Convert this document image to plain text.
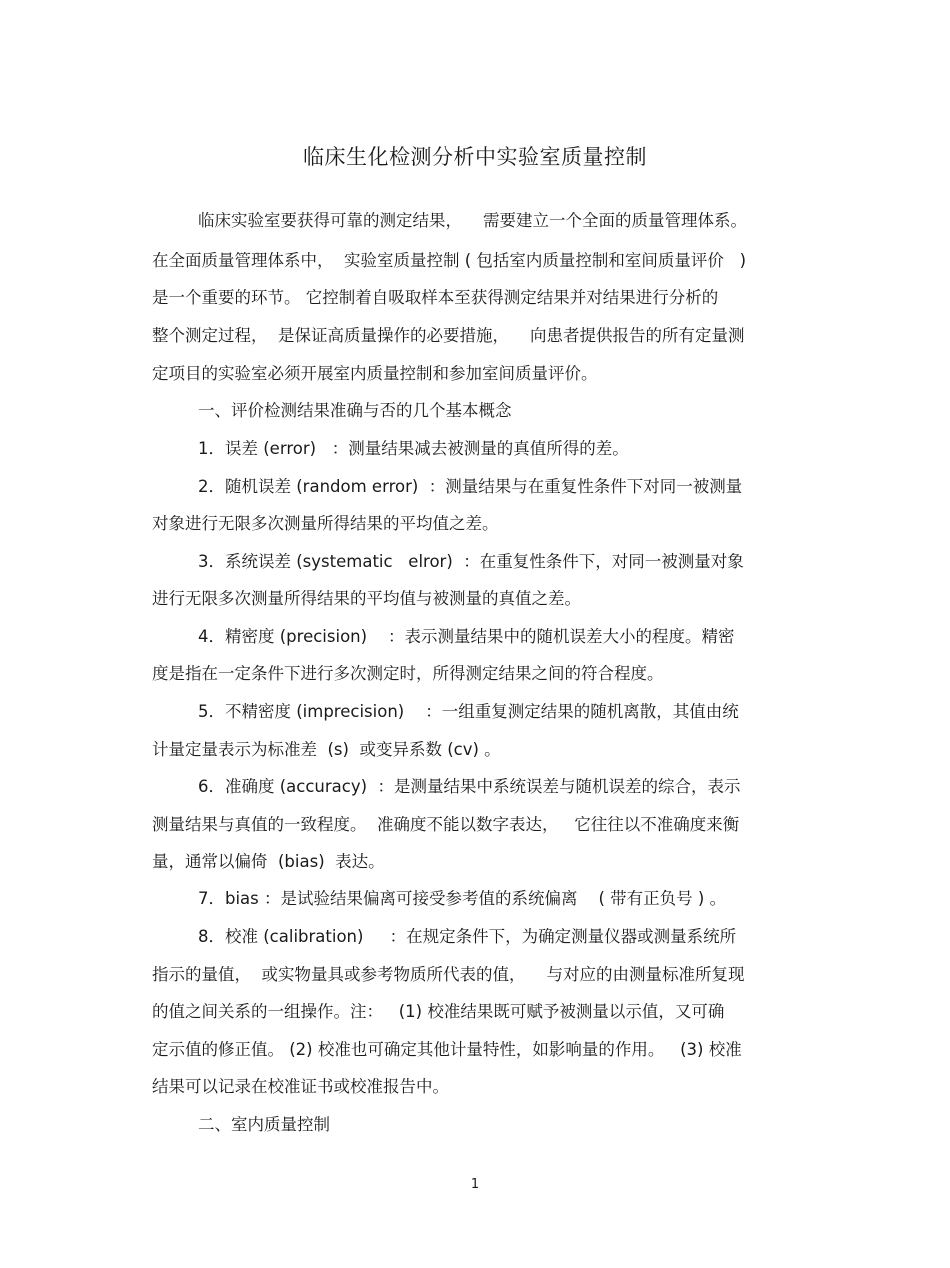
临床生化检测分析中实验室质量控制
临床实验室要获得可靠的测定结果，    需要建立一个全面的质量管理体系。
在全面质量管理体系中，  实验室质量控制 ( 包括室内质量控制和室间质量评价   )
是一个重要的环节。 它控制着自吸取样本至获得测定结果并对结果进行分析的
整个测定过程，  是保证高质量操作的必要措施，    向患者提供报告的所有定量测
定项目的实验室必须开展室内质量控制和参加室间质量评价。
一、评价检测结果准确与否的几个基本概念
1．误差 (error)   ：测量结果减去被测量的真值所得的差。
2．随机误差 (random error)  ：测量结果与在重复性条件下对同一被测量
对象进行无限多次测量所得结果的平均值之差。
3．系统误差 (systematic   elror)  ：在重复性条件下，对同一被测量对象
进行无限多次测量所得结果的平均值与被测量的真值之差。
4．精密度 (precision)    ：表示测量结果中的随机误差大小的程度。精密
度是指在一定条件下进行多次测定时，所得测定结果之间的符合程度。
5．不精密度 (imprecision)    ：一组重复测定结果的随机离散，其值由统
计量定量表示为标准差  (s)  或变异系数 (cv) 。
6．准确度 (accuracy)  ：是测量结果中系统误差与随机误差的综合，表示
测量结果与真值的一致程度。  准确度不能以数字表达，   它往往以不准确度来衡
量，通常以偏倚  (bias)  表达。
7．bias ：是试验结果偏离可接受参考值的系统偏离    ( 带有正负号 ) 。
8．校准 (calibration)     ：在规定条件下，为确定测量仪器或测量系统所
指示的量值，  或实物量具或参考物质所代表的值，    与对应的由测量标准所复现
的值之间关系的一组操作。注：   (1) 校准结果既可赋予被测量以示值，又可确
定示值的修正值。 (2) 校准也可确定其他计量特性，如影响量的作用。   (3) 校准
结果可以记录在校准证书或校准报告中。
二、室内质量控制
1
